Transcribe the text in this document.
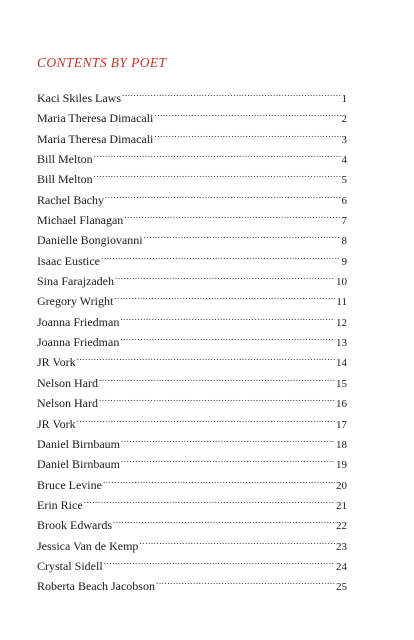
CONTENTS BY POET
Kaci Skiles Laws .....	1
Maria Theresa Dimacali .....	2
Maria Theresa Dimacali .....	3
Bill Melton .....	4
Bill Melton .....	5
Rachel Bachy .....	6
Michael Flanagan .....	7
Danielle Bongiovanni .....	8
Isaac Eustice .....	9
Sina Farajzadeh .....	10
Gregory Wright .....	11
Joanna Friedman .....	12
Joanna Friedman .....	13
JR Vork .....	14
Nelson Hard .....	15
Nelson Hard .....	16
JR Vork .....	17
Daniel Birnbaum .....	18
Daniel Birnbaum .....	19
Bruce Levine .....	20
Erin Rice .....	21
Brook Edwards .....	22
Jessica Van de Kemp .....	23
Crystal Sidell .....	24
Roberta Beach Jacobson .....	25
